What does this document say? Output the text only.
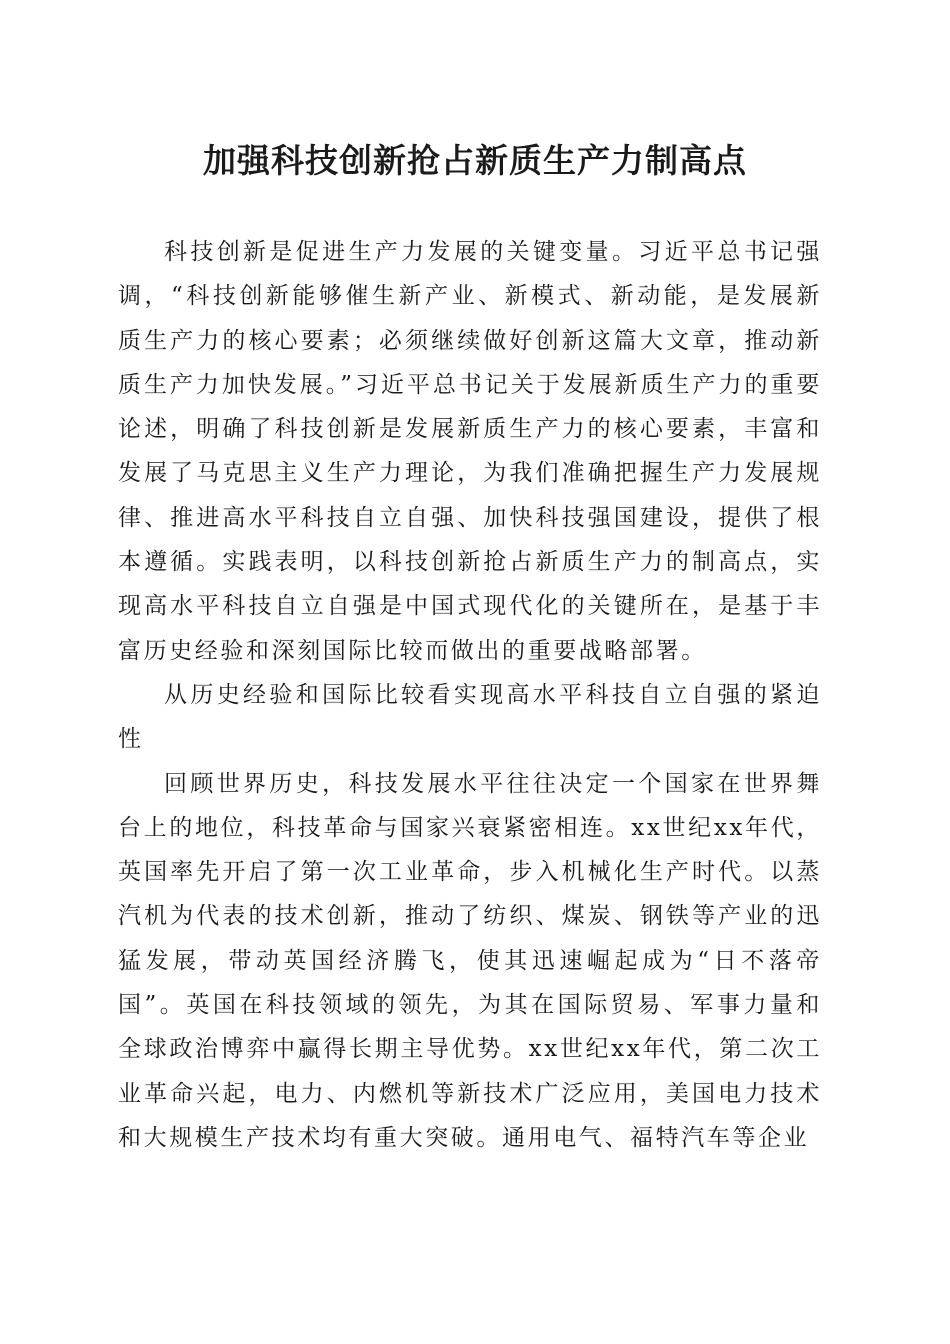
加强科技创新抢占新质生产力制高点

科技创新是促进生产力发展的关键变量。习近平总书记强调，“科技创新能够催生新产业、新模式、新动能，是发展新质生产力的核心要素；必须继续做好创新这篇大文章，推动新质生产力加快发展。”习近平总书记关于发展新质生产力的重要论述，明确了科技创新是发展新质生产力的核心要素，丰富和发展了马克思主义生产力理论，为我们准确把握生产力发展规律、推进高水平科技自立自强、加快科技强国建设，提供了根本遵循。实践表明，以科技创新抢占新质生产力的制高点，实现高水平科技自立自强是中国式现代化的关键所在，是基于丰富历史经验和深刻国际比较而做出的重要战略部署。

从历史经验和国际比较看实现高水平科技自立自强的紧迫性

回顾世界历史，科技发展水平往往决定一个国家在世界舞台上的地位，科技革命与国家兴衰紧密相连。xx世纪xx年代，英国率先开启了第一次工业革命，步入机械化生产时代。以蒸汽机为代表的技术创新，推动了纺织、煤炭、钢铁等产业的迅猛发展，带动英国经济腾飞，使其迅速崛起成为“日不落帝国”。英国在科技领域的领先，为其在国际贸易、军事力量和全球政治博弈中赢得长期主导优势。xx世纪xx年代，第二次工业革命兴起，电力、内燃机等新技术广泛应用，美国电力技术和大规模生产技术均有重大突破。通用电气、福特汽车等企业
